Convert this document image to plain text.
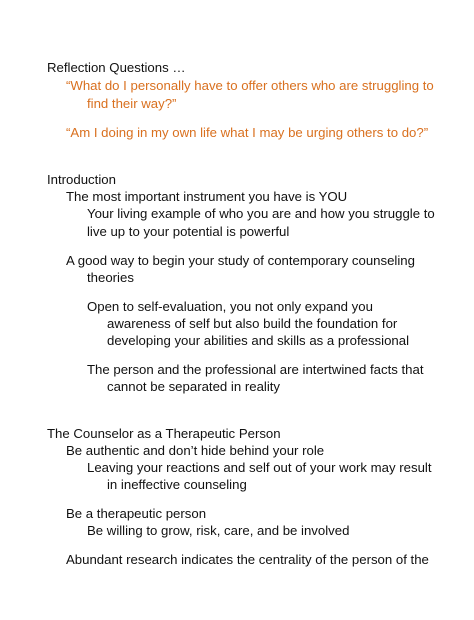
Reflection Questions …
“What do I personally have to offer others who are struggling to
find their way?”
“Am I doing in my own life what I may be urging others to do?”
Introduction
The most important instrument you have is YOU
Your living example of who you are and how you struggle to
live up to your potential is powerful
A good way to begin your study of contemporary counseling
theories
Open to self-evaluation, you not only expand you
awareness of self but also build the foundation for
developing your abilities and skills as a professional
The person and the professional are intertwined facts that
cannot be separated in reality
The Counselor as a Therapeutic Person
Be authentic and don’t hide behind your role
Leaving your reactions and self out of your work may result
in ineffective counseling
Be a therapeutic person
Be willing to grow, risk, care, and be involved
Abundant research indicates the centrality of the person of the
